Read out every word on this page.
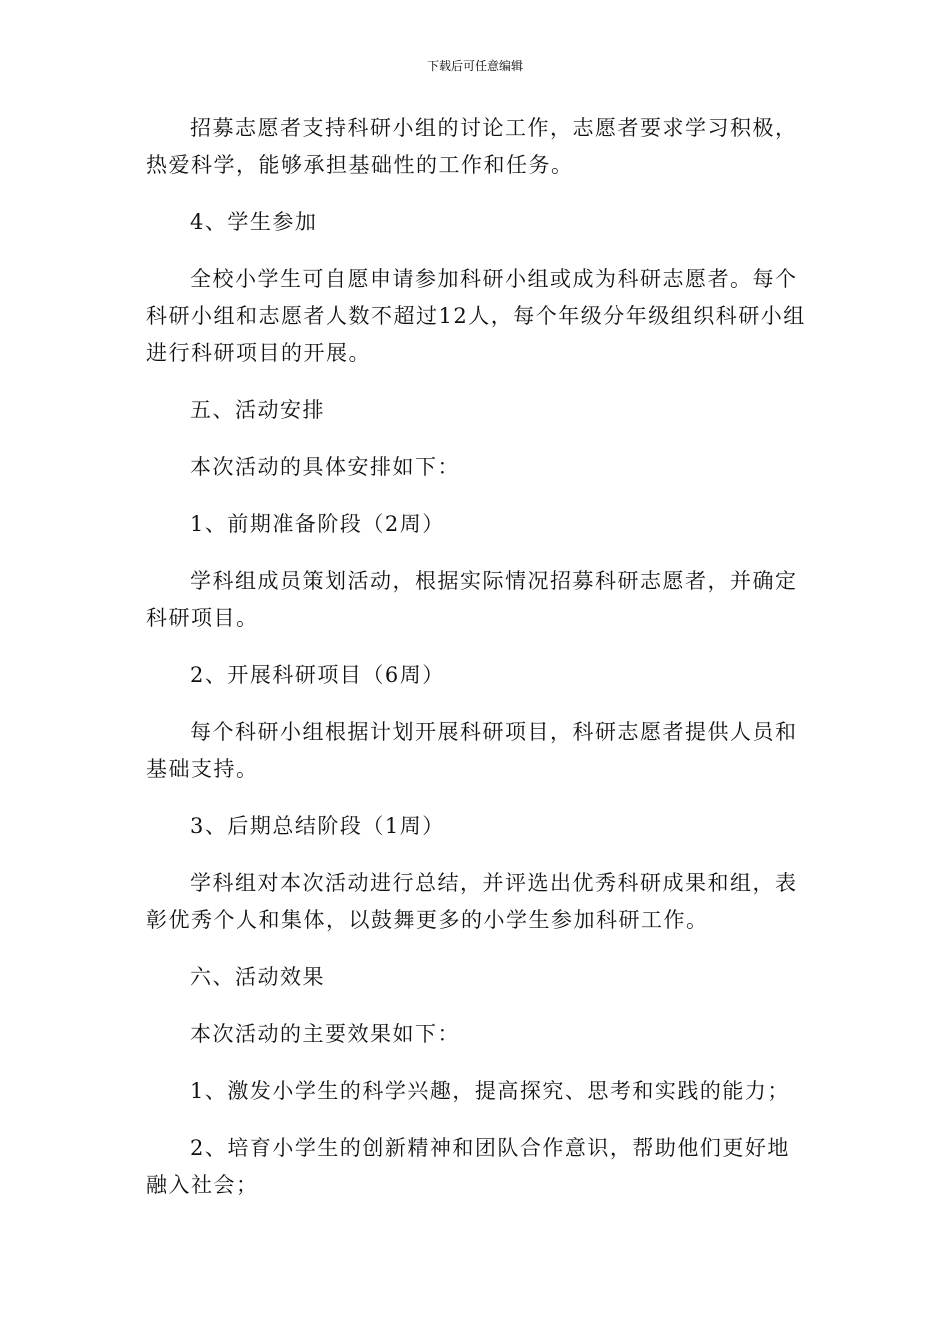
下载后可任意编辑

招募志愿者支持科研小组的讨论工作，志愿者要求学习积极，热爱科学，能够承担基础性的工作和任务。

4、学生参加

全校小学生可自愿申请参加科研小组或成为科研志愿者。每个科研小组和志愿者人数不超过12人，每个年级分年级组织科研小组进行科研项目的开展。

五、活动安排

本次活动的具体安排如下：

1、前期准备阶段（2周）

学科组成员策划活动，根据实际情况招募科研志愿者，并确定科研项目。

2、开展科研项目（6周）

每个科研小组根据计划开展科研项目，科研志愿者提供人员和基础支持。

3、后期总结阶段（1周）

学科组对本次活动进行总结，并评选出优秀科研成果和组，表彰优秀个人和集体，以鼓舞更多的小学生参加科研工作。

六、活动效果

本次活动的主要效果如下：

1、激发小学生的科学兴趣，提高探究、思考和实践的能力；

2、培育小学生的创新精神和团队合作意识，帮助他们更好地融入社会；
